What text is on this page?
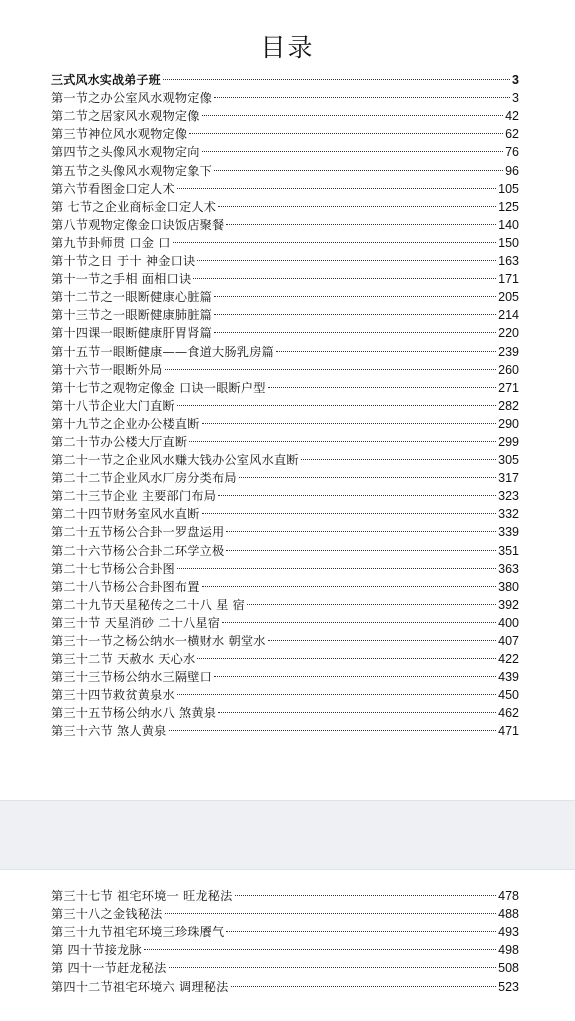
目录
三式风水实战弟子班	3
第一节之办公室风水观物定像	3
第二节之居家风水观物定像	42
第三节神位风水观物定像	62
第四节之头像风水观物定向	76
第五节之头像风水观物定象下	96
第六节看图金口定人术	105
第 七节之企业商标金口定人术	125
第八节观物定像金口诀饭店聚餐	140
第九节卦师贯 口金 口	150
第十节之日 于十 神金口诀	163
第十一节之手相 面相口诀	171
第十二节之一眼断健康心脏篇	205
第十三节之一眼断健康肺脏篇	214
第十四课一眼断健康肝胃肾篇	220
第十五节一眼断健康——食道大肠乳房篇	239
第十六节一眼断外局	260
第十七节之观物定像金 口诀一眼断户型	271
第十八节企业大门直断	282
第十九节之企业办公楼直断	290
第二十节办公楼大厅直断	299
第二十一节之企业风水赚大钱办公室风水直断	305
第二十二节企业风水厂房分类布局	317
第二十三节企业 主要部门布局	323
第二十四节财务室风水直断	332
第二十五节杨公合卦一罗盘运用	339
第二十六节杨公合卦二环学立极	351
第二十七节杨公合卦图	363
第二十八节杨公合卦图布置	380
第二十九节天星秘传之二十八 星 宿	392
第三十节 天星消砂 二十八星宿	400
第三十一节之杨公纳水一横财水 朝堂水	407
第三十二节 天赦水 天心水	422
第三十三节杨公纳水三隔壁口	439
第三十四节救贫黄泉水	450
第三十五节杨公纳水八 煞黄泉	462
第三十六节 煞人黄泉	471
第三十七节 祖宅环境一 旺龙秘法	478
第三十八之金钱秘法	488
第三十九节祖宅环境三珍珠餍气	493
第 四十节接龙脉	498
第 四十一节赶龙秘法	508
第四十二节祖宅环境六 调理秘法	523
